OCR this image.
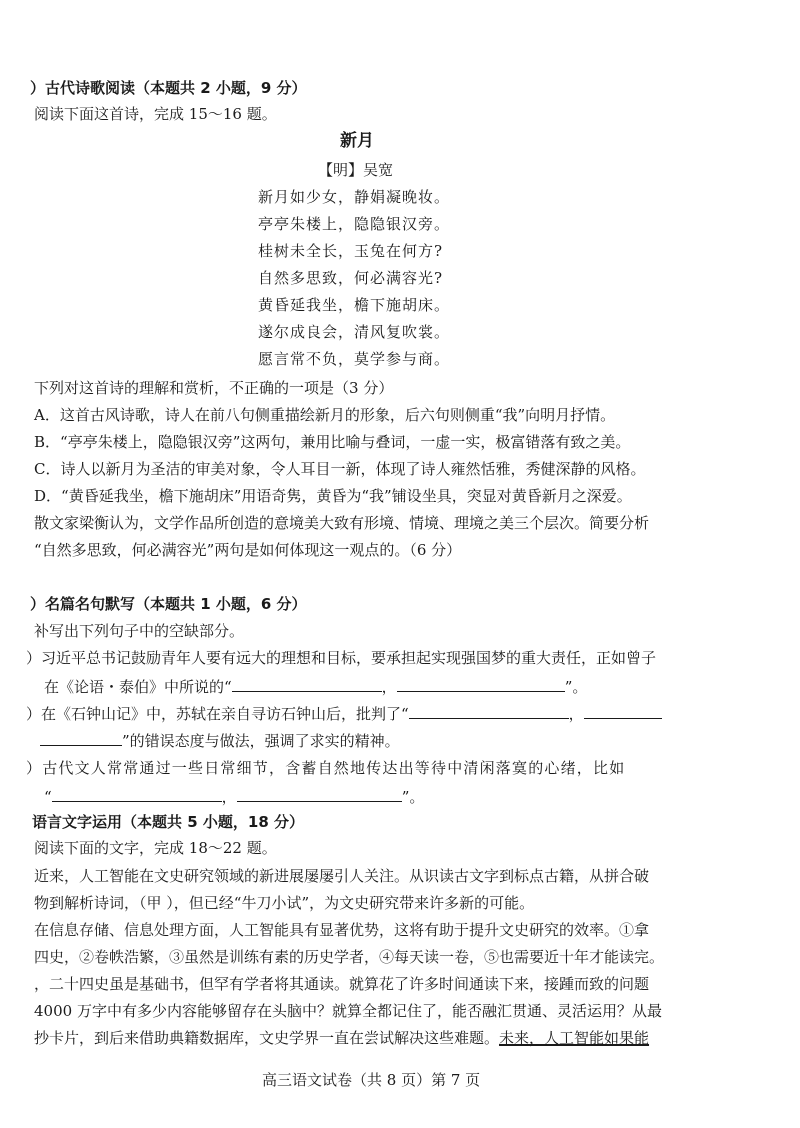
）古代诗歌阅读（本题共 2 小题，9 分）
阅读下面这首诗，完成 15～16 题。
新月
【明】吴宽
新月如少女，静娟凝晚妆。
亭亭朱楼上，隐隐银汉旁。
桂树未全长，玉兔在何方?
自然多思致，何必满容光?
黄昏延我坐，檐下施胡床。
遂尔成良会，清风复吹裳。
愿言常不负，莫学参与商。
下列对这首诗的理解和赏析，不正确的一项是（3 分）
A．这首古风诗歌，诗人在前八句侧重描绘新月的形象，后六句则侧重“我”向明月抒情。
B．“亭亭朱楼上，隐隐银汉旁”这两句，兼用比喻与叠词，一虚一实，极富错落有致之美。
C．诗人以新月为圣洁的审美对象，令人耳目一新，体现了诗人雍然恬雅，秀健深静的风格。
D．“黄昏延我坐，檐下施胡床”用语奇隽，黄昏为“我”铺设坐具，突显对黄昏新月之深爱。
散文家梁衡认为，文学作品所创造的意境美大致有形境、情境、理境之美三个层次。简要分析
“自然多思致，何必满容光”两句是如何体现这一观点的。（6 分）
）名篇名句默写（本题共 1 小题，6 分）
补写出下列句子中的空缺部分。
）习近平总书记鼓励青年人要有远大的理想和目标，要承担起实现强国梦的重大责任，正如曾子
在《论语・泰伯》中所说的“	，	”。
）在《石钟山记》中，苏轼在亲自寻访石钟山后，批判了“	，
”的错误态度与做法，强调了求实的精神。
）古代文人常常通过一些日常细节，含蓄自然地传达出等待中清闲落寞的心绪，比如
“	，	”。
语言文字运用（本题共 5 小题，18 分）
阅读下面的文字，完成 18～22 题。
近来，人工智能在文史研究领域的新进展屡屡引人关注。从识读古文字到标点古籍，从拼合破
物到解析诗词，（甲 ），但已经“牛刀小试”，为文史研究带来许多新的可能。
在信息存储、信息处理方面，人工智能具有显著优势，这将有助于提升文史研究的效率。①拿
四史，②卷帙浩繁，③虽然是训练有素的历史学者，④每天读一卷，⑤也需要近十年才能读完。
，二十四史虽是基础书，但罕有学者将其通读。就算花了许多时间通读下来，接踵而致的问题
4000 万字中有多少内容能够留存在头脑中？就算全都记住了，能否融汇贯通、灵活运用？从最
抄卡片，到后来借助典籍数据库，文史学界一直在尝试解决这些难题。未来，人工智能如果能
高三语文试卷（共 8 页）第 7 页
